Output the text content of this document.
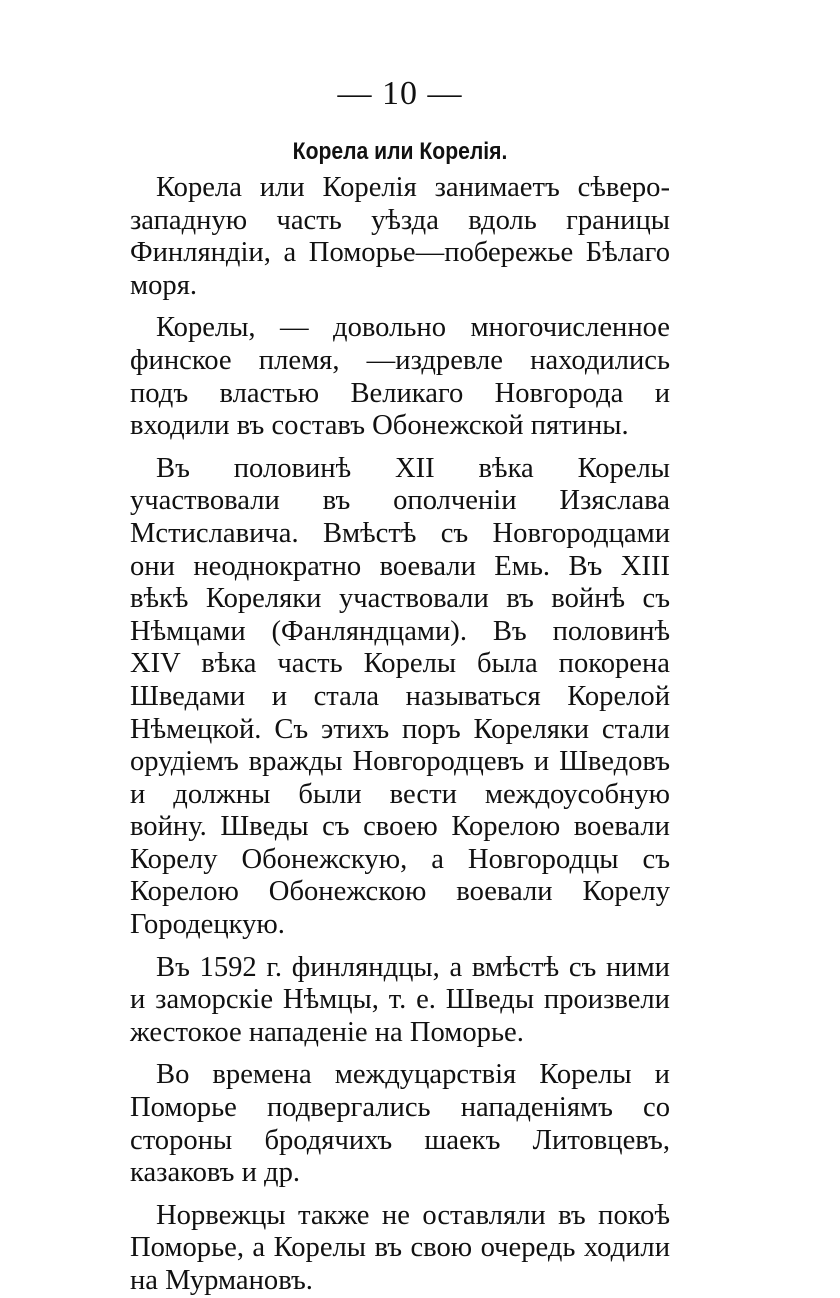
— 10 —
Корела или Корелія.

Корела или Корелія занимаетъ сѣверо-западную часть уѣзда вдоль границы Финляндіи, а Поморье—побережье Бѣлаго моря.

Корелы, — довольно многочисленное финское племя, —издревле находились подъ властью Великаго Новгорода и входили въ составъ Обонежской пятины.

Въ половинѣ XII вѣка Корелы участвовали въ ополченіи Изяслава Мстиславича. Вмѣстѣ съ Новгородцами они неоднократно воевали Емь. Въ XIII вѣкѣ Кореляки участвовали въ войнѣ съ Нѣмцами (Фанляндцами). Въ половинѣ XIV вѣка часть Корелы была покорена Шведами и стала называться Корелой Нѣмецкой. Съ этихъ поръ Кореляки стали орудіемъ вражды Новгородцевъ и Шведовъ и должны были вести междоусобную войну. Шведы съ своею Корелою воевали Корелу Обонежскую, а Новгородцы съ Корелою Обонежскою воевали Корелу Городецкую.

Въ 1592 г. финляндцы, а вмѣстѣ съ ними и заморскіе Нѣмцы, т. е. Шведы произвели жестокое нападеніе на Поморье.

Во времена междуцарствія Корелы и Поморье подвергались нападеніямъ со стороны бродячихъ шаекъ Литовцевъ, казаковъ и др.

Норвежцы также не оставляли въ покоѣ Поморье, а Корелы въ свою очередь ходили на Мурмановъ.
